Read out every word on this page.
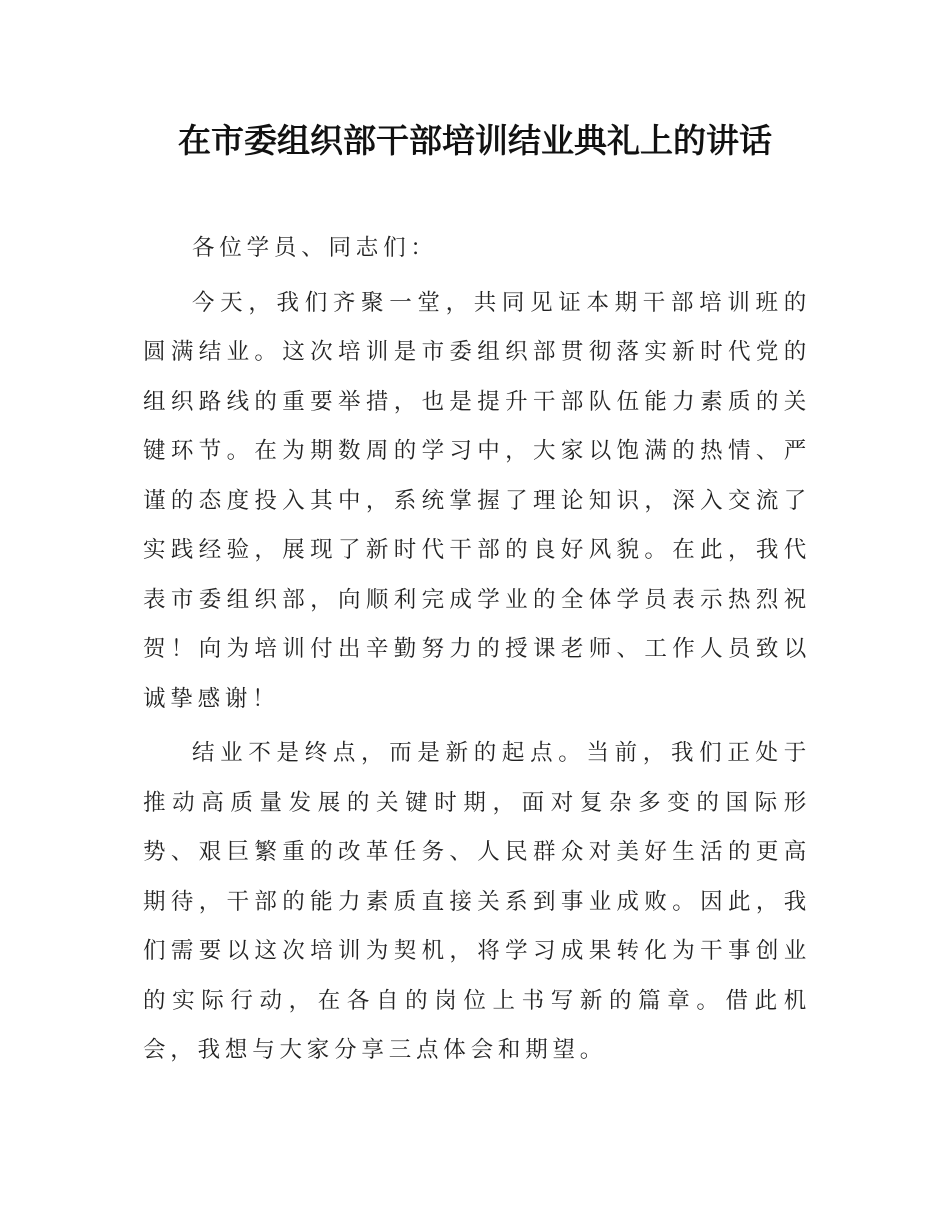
在市委组织部干部培训结业典礼上的讲话

各位学员、同志们：

今天，我们齐聚一堂，共同见证本期干部培训班的圆满结业。这次培训是市委组织部贯彻落实新时代党的组织路线的重要举措，也是提升干部队伍能力素质的关键环节。在为期数周的学习中，大家以饱满的热情、严谨的态度投入其中，系统掌握了理论知识，深入交流了实践经验，展现了新时代干部的良好风貌。在此，我代表市委组织部，向顺利完成学业的全体学员表示热烈祝贺！向为培训付出辛勤努力的授课老师、工作人员致以诚挚感谢！

结业不是终点，而是新的起点。当前，我们正处于推动高质量发展的关键时期，面对复杂多变的国际形势、艰巨繁重的改革任务、人民群众对美好生活的更高期待，干部的能力素质直接关系到事业成败。因此，我们需要以这次培训为契机，将学习成果转化为干事创业的实际行动，在各自的岗位上书写新的篇章。借此机会，我想与大家分享三点体会和期望。
